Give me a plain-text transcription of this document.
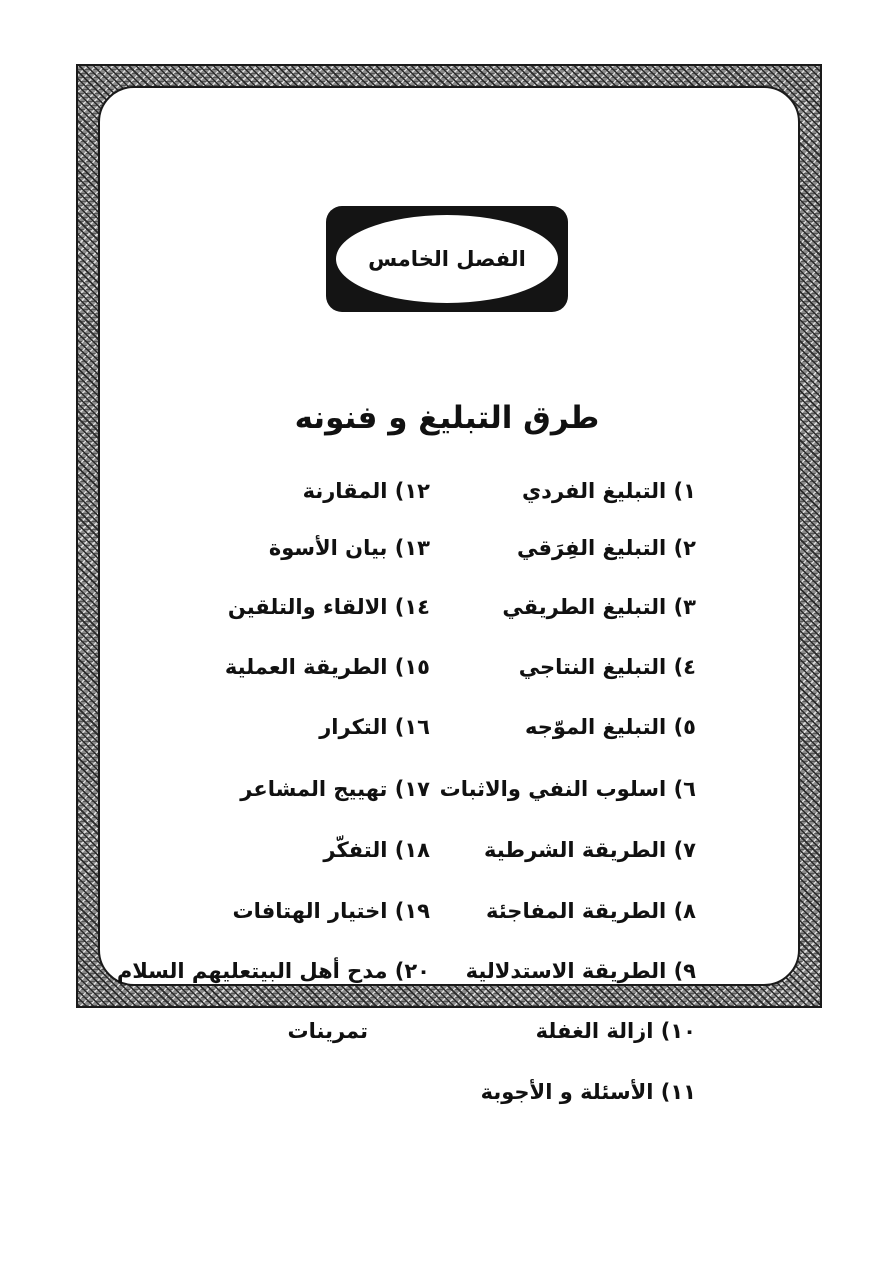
الفصل الخامس
طرق التبليغ و فنونه
١) التبليغ الفردي
٢) التبليغ الفِرَقي
٣) التبليغ الطريقي
٤) التبليغ النتاجي
٥) التبليغ الموّجه
٦) اسلوب النفي والاثبات
٧) الطريقة الشرطية
٨) الطريقة المفاجئة
٩) الطريقة الاستدلالية
١٠) ازالة الغفلة
١١) الأسئلة و الأجوبة
١٢) المقارنة
١٣) بيان الأسوة
١٤) الالقاء والتلقين
١٥) الطريقة العملية
١٦) التكرار
١٧) تهييج المشاعر
١٨) التفكّر
١٩) اختيار الهتافات
٢٠) مدح أهل البيتعليهم السلام
تمرينات
